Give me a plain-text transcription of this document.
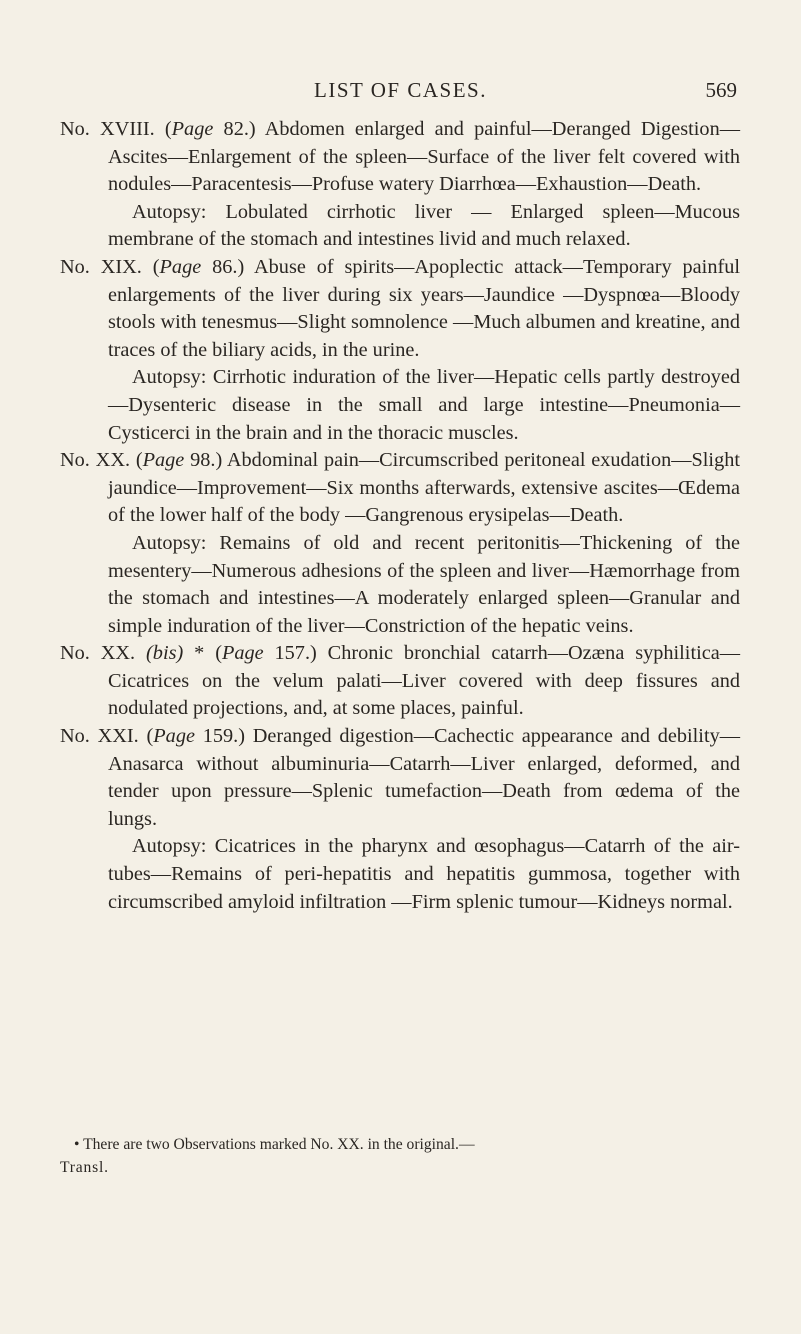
LIST OF CASES.	569

No. XVIII. (Page 82.) Abdomen enlarged and painful—Deranged Digestion—Ascites—Enlargement of the spleen—Surface of the liver felt covered with nodules—Paracentesis—Profuse watery Diarrhœa—Exhaustion—Death.

Autopsy: Lobulated cirrhotic liver — Enlarged spleen—Mucous membrane of the stomach and intestines livid and much relaxed.

No. XIX. (Page 86.) Abuse of spirits—Apoplectic attack—Temporary painful enlargements of the liver during six years—Jaundice —Dyspnœa—Bloody stools with tenesmus—Slight somnolence —Much albumen and kreatine, and traces of the biliary acids, in the urine.

Autopsy: Cirrhotic induration of the liver—Hepatic cells partly destroyed—Dysenteric disease in the small and large intestine—Pneumonia—Cysticerci in the brain and in the thoracic muscles.

No. XX. (Page 98.) Abdominal pain—Circumscribed peritoneal exudation—Slight jaundice—Improvement—Six months afterwards, extensive ascites—Œdema of the lower half of the body —Gangrenous erysipelas—Death.

Autopsy: Remains of old and recent peritonitis—Thickening of the mesentery—Numerous adhesions of the spleen and liver—Hæmorrhage from the stomach and intestines—A moderately enlarged spleen—Granular and simple induration of the liver—Constriction of the hepatic veins.

No. XX. (bis) * (Page 157.) Chronic bronchial catarrh—Ozæna syphilitica—Cicatrices on the velum palati—Liver covered with deep fissures and nodulated projections, and, at some places, painful.

No. XXI. (Page 159.) Deranged digestion—Cachectic appearance and debility—Anasarca without albuminuria—Catarrh—Liver enlarged, deformed, and tender upon pressure—Splenic tumefaction—Death from œdema of the lungs.

Autopsy: Cicatrices in the pharynx and œsophagus—Catarrh of the air-tubes—Remains of peri-hepatitis and hepatitis gummosa, together with circumscribed amyloid infiltration —Firm splenic tumour—Kidneys normal.

• There are two Observations marked No. XX. in the original.—
Transl.
